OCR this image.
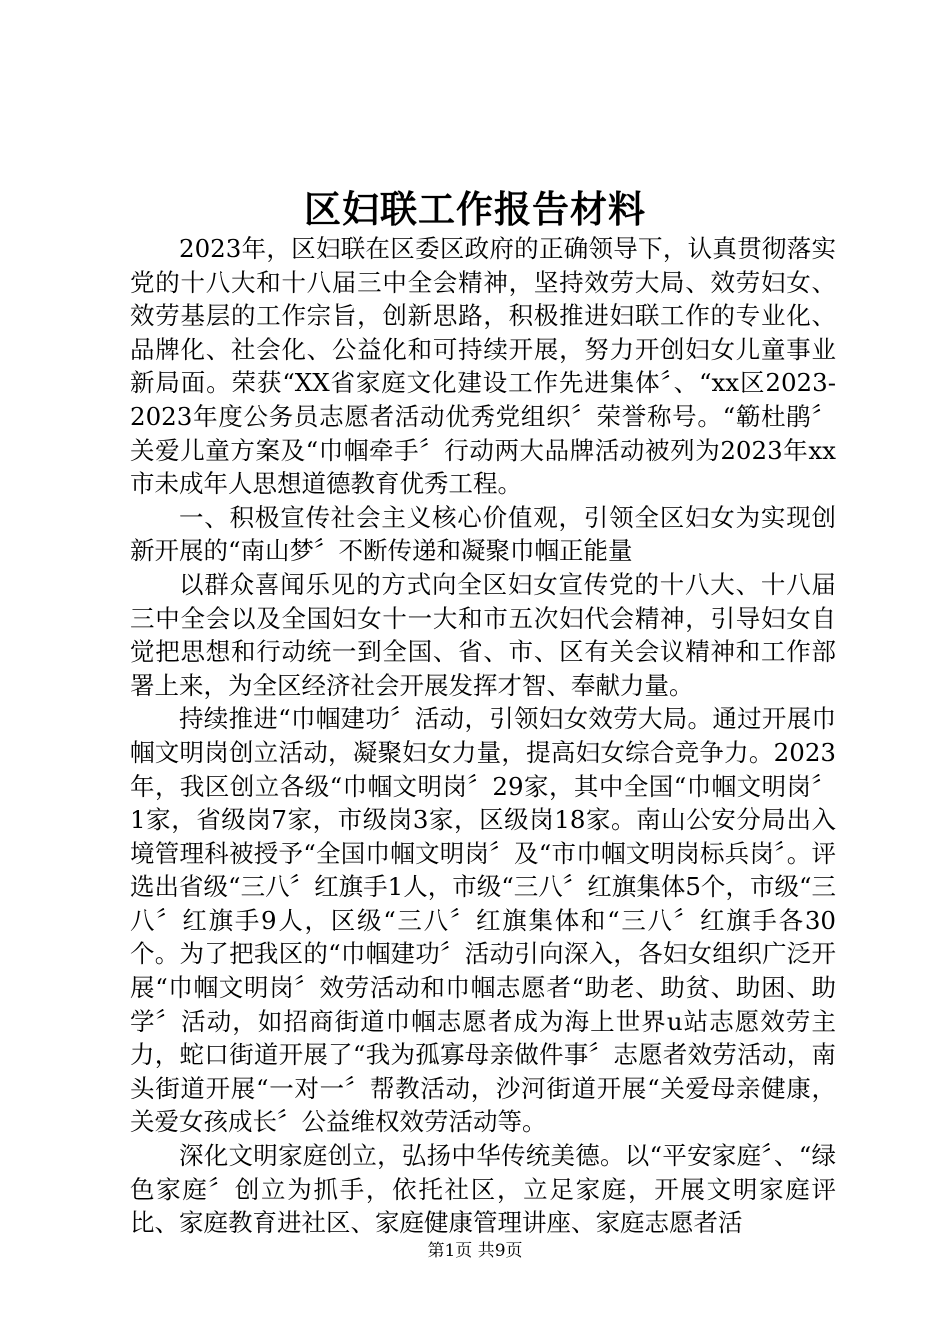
区妇联工作报告材料

2023年，区妇联在区委区政府的正确领导下，认真贯彻落实党的十八大和十八届三中全会精神，坚持效劳大局、效劳妇女、效劳基层的工作宗旨，创新思路，积极推进妇联工作的专业化、品牌化、社会化、公益化和可持续开展，努力开创妇女儿童事业新局面。荣获“XX省家庭文化建设工作先进集体〞、“xx区2023-2023年度公务员志愿者活动优秀党组织〞荣誉称号。“簕杜鹃〞关爱儿童方案及“巾帼牵手〞行动两大品牌活动被列为2023年xx市未成年人思想道德教育优秀工程。

一、积极宣传社会主义核心价值观，引领全区妇女为实现创新开展的“南山梦〞不断传递和凝聚巾帼正能量

以群众喜闻乐见的方式向全区妇女宣传党的十八大、十八届三中全会以及全国妇女十一大和市五次妇代会精神，引导妇女自觉把思想和行动统一到全国、省、市、区有关会议精神和工作部署上来，为全区经济社会开展发挥才智、奉献力量。

持续推进“巾帼建功〞活动，引领妇女效劳大局。通过开展巾帼文明岗创立活动，凝聚妇女力量，提高妇女综合竞争力。2023年，我区创立各级“巾帼文明岗〞29家，其中全国“巾帼文明岗〞1家，省级岗7家，市级岗3家，区级岗18家。南山公安分局出入境管理科被授予“全国巾帼文明岗〞及“市巾帼文明岗标兵岗〞。评选出省级“三八〞红旗手1人，市级“三八〞红旗集体5个，市级“三八〞红旗手9人，区级“三八〞红旗集体和“三八〞红旗手各30个。为了把我区的“巾帼建功〞活动引向深入，各妇女组织广泛开展“巾帼文明岗〞效劳活动和巾帼志愿者“助老、助贫、助困、助学〞活动，如招商街道巾帼志愿者成为海上世界u站志愿效劳主力，蛇口街道开展了“我为孤寡母亲做件事〞志愿者效劳活动，南头街道开展“一对一〞帮教活动，沙河街道开展“关爱母亲健康，关爱女孩成长〞公益维权效劳活动等。

深化文明家庭创立，弘扬中华传统美德。以“平安家庭〞、“绿色家庭〞创立为抓手，依托社区，立足家庭，开展文明家庭评比、家庭教育进社区、家庭健康管理讲座、家庭志愿者活

第1页 共9页
